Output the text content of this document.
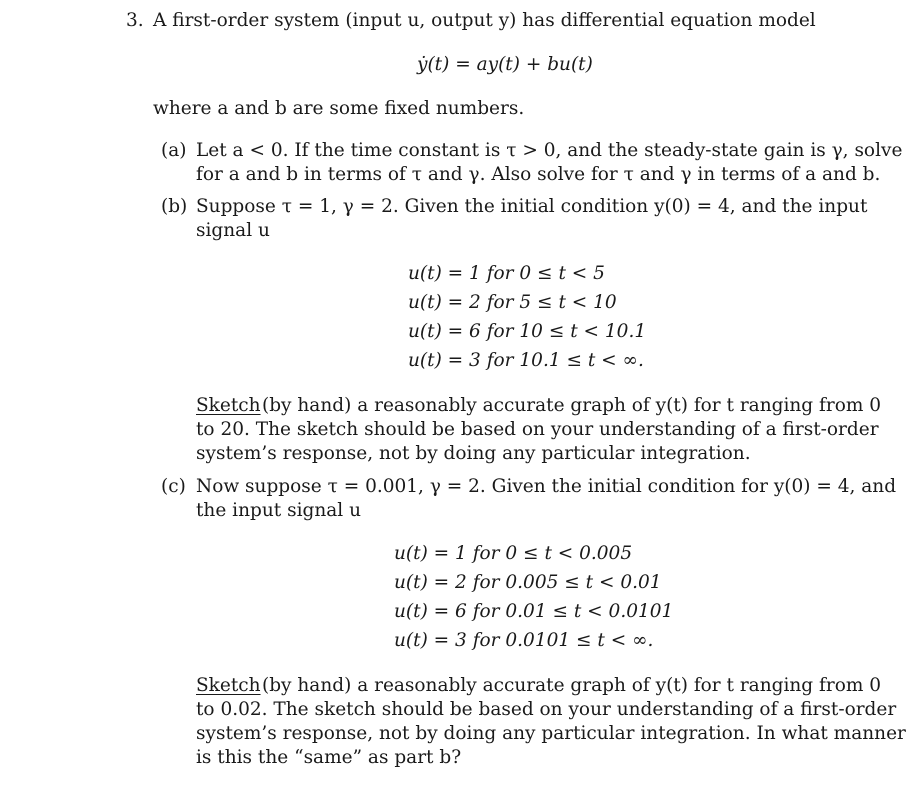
3. A first-order system (input u, output y) has differential equation model
ẏ(t) = ay(t) + bu(t)
where a and b are some fixed numbers.
(a) Let a < 0. If the time constant is τ > 0, and the steady-state gain is γ, solve
for a and b in terms of τ and γ. Also solve for τ and γ in terms of a and b.
(b) Suppose τ = 1, γ = 2. Given the initial condition y(0) = 4, and the input
signal u
u(t) = 1 for 0 ≤ t < 5
u(t) = 2 for 5 ≤ t < 10
u(t) = 6 for 10 ≤ t < 10.1
u(t) = 3 for 10.1 ≤ t < ∞.
Sketch (by hand) a reasonably accurate graph of y(t) for t ranging from 0
to 20. The sketch should be based on your understanding of a first-order
system’s response, not by doing any particular integration.
(c) Now suppose τ = 0.001, γ = 2. Given the initial condition for y(0) = 4, and
the input signal u
u(t) = 1 for 0 ≤ t < 0.005
u(t) = 2 for 0.005 ≤ t < 0.01
u(t) = 6 for 0.01 ≤ t < 0.0101
u(t) = 3 for 0.0101 ≤ t < ∞.
Sketch (by hand) a reasonably accurate graph of y(t) for t ranging from 0
to 0.02. The sketch should be based on your understanding of a first-order
system’s response, not by doing any particular integration. In what manner
is this the “same” as part b?
